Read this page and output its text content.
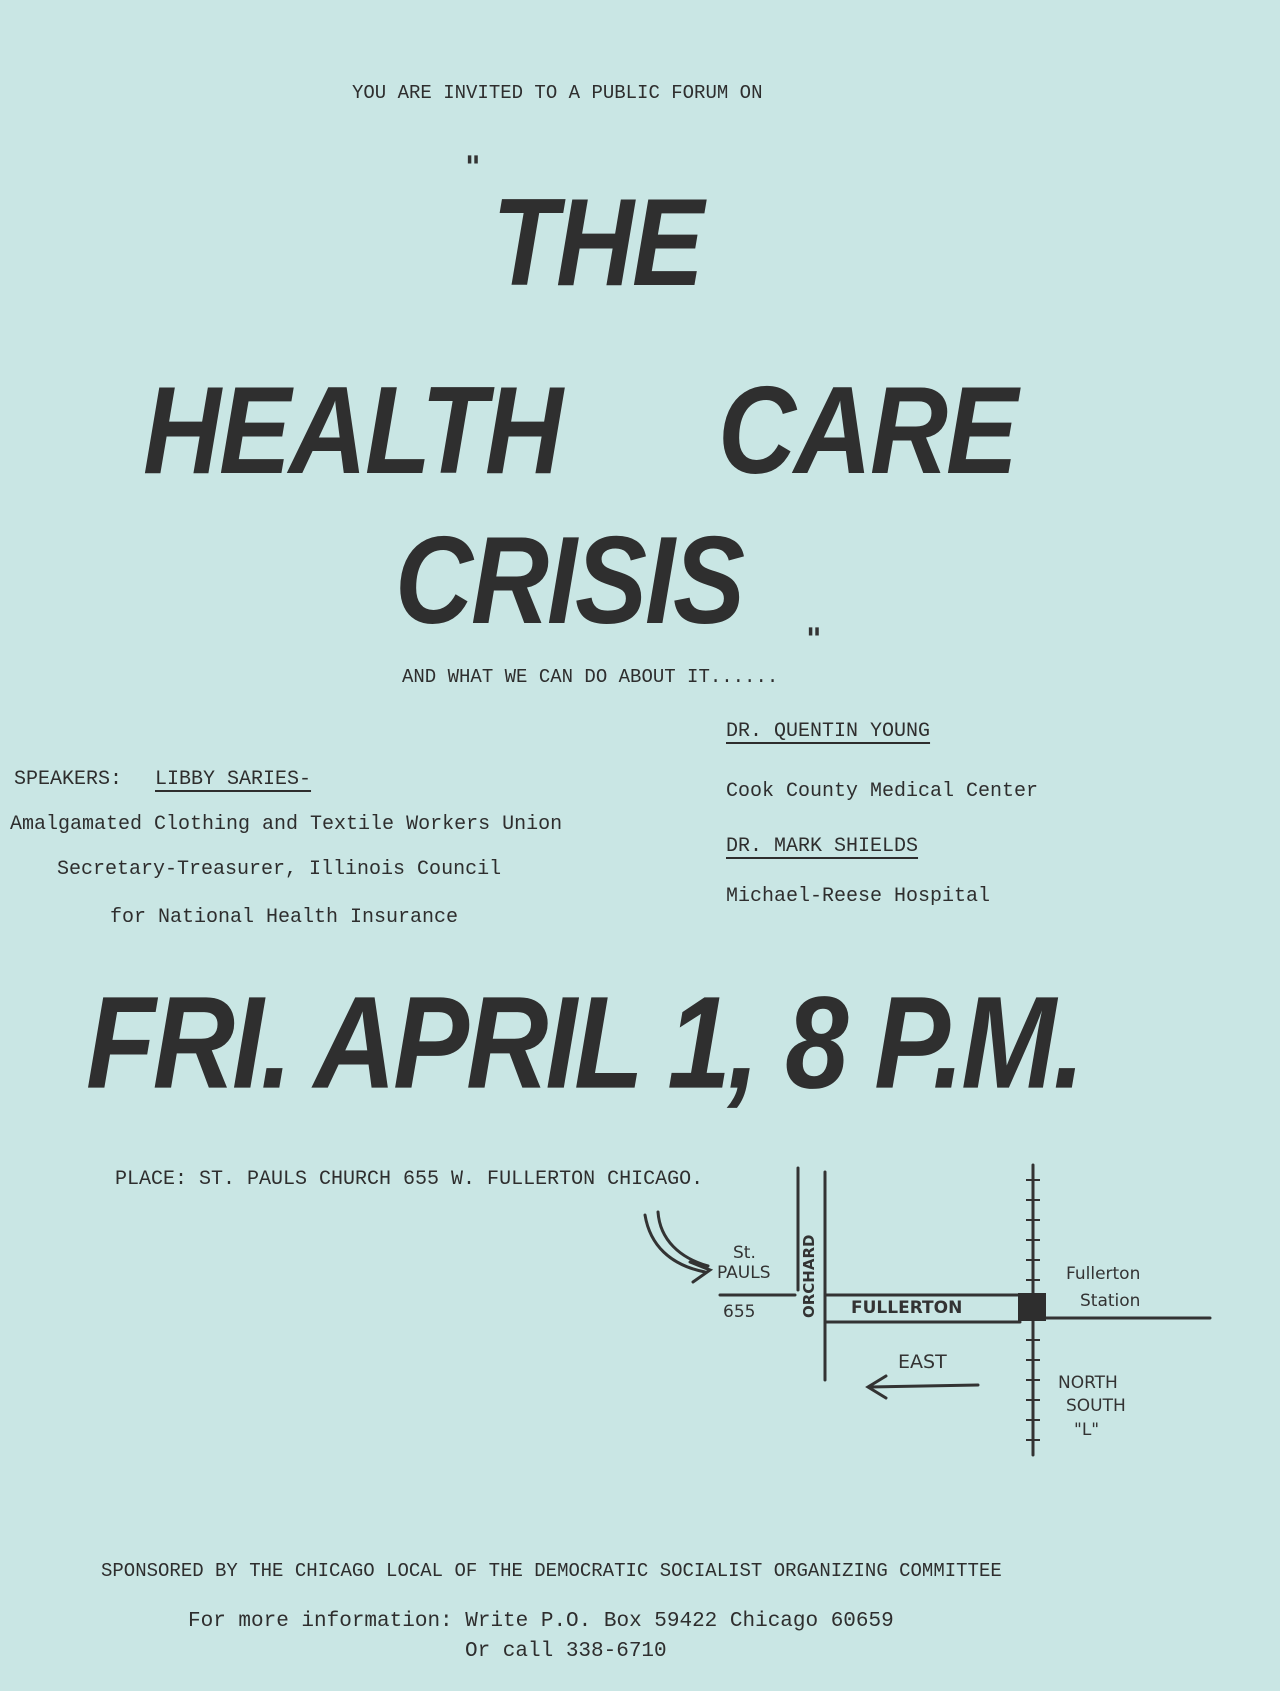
YOU ARE INVITED TO A PUBLIC FORUM ON
"
THE
HEALTH CARE
CRISIS "
AND WHAT WE CAN DO ABOUT IT......
DR. QUENTIN YOUNG
Cook County Medical Center
DR. MARK SHIELDS
Michael-Reese Hospital
SPEAKERS: LIBBY SARIES-
Amalgamated Clothing and Textile Workers Union
Secretary-Treasurer, Illinois Council
for National Health Insurance
FRI. APRIL 1, 8 P.M.
PLACE: ST. PAULS CHURCH 655 W. FULLERTON CHICAGO.
St.
PAULS
655	ORCHARD FULLERTON
Fullerton
Station
EAST
NORTH
SOUTH
"L"
SPONSORED BY THE CHICAGO LOCAL OF THE DEMOCRATIC SOCIALIST ORGANIZING COMMITTEE
For more information: Write P.O. Box 59422 Chicago 60659
Or call 338-6710
